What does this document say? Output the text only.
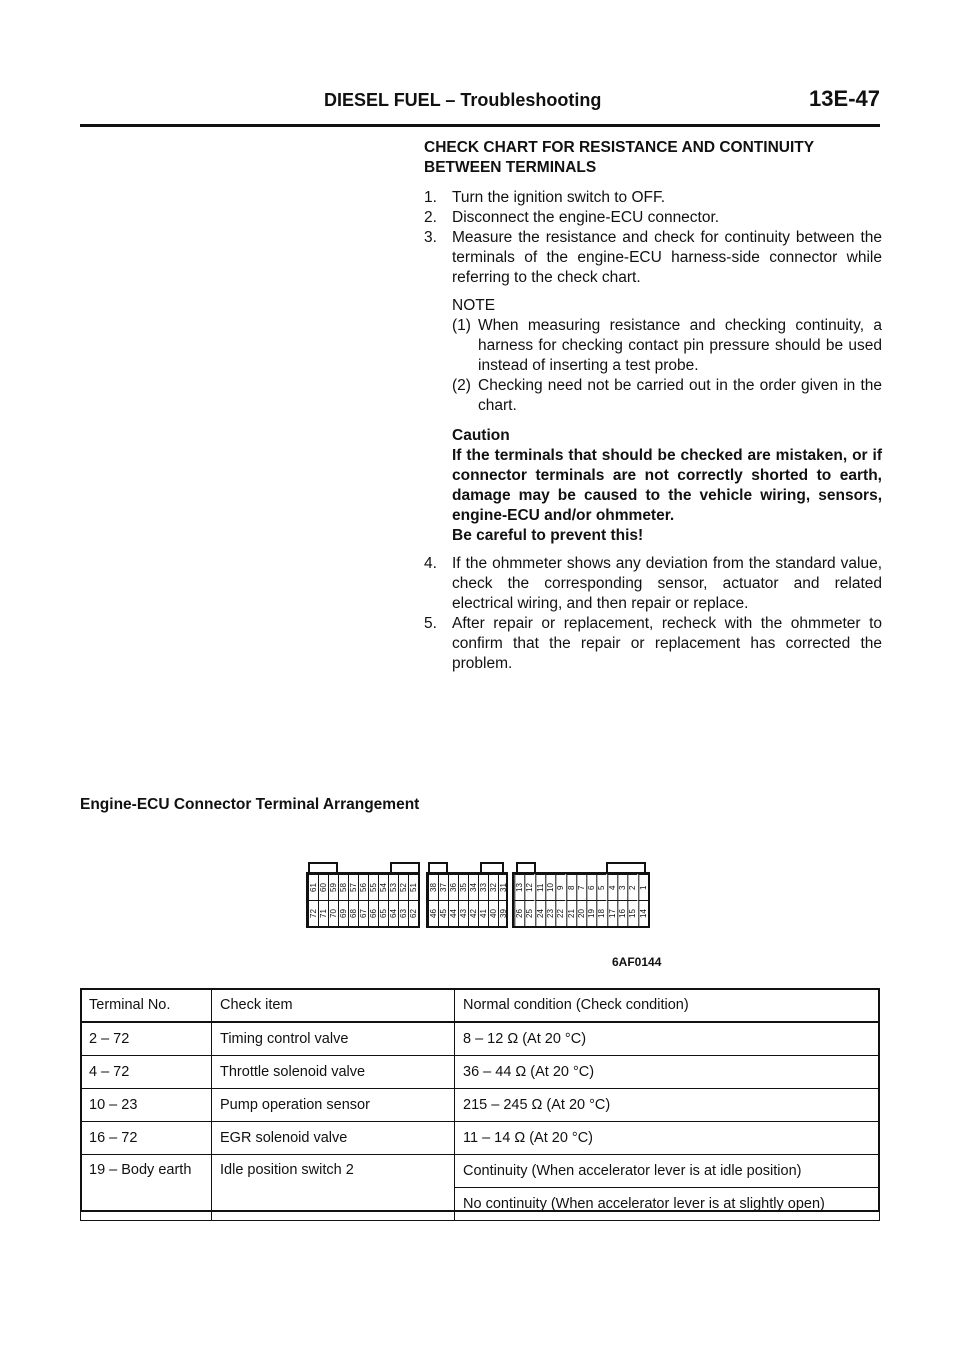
DIESEL FUEL – Troubleshooting	13E-47
CHECK CHART FOR RESISTANCE AND CONTINUITY BETWEEN TERMINALS
1. Turn the ignition switch to OFF.
2. Disconnect the engine-ECU connector.
3. Measure the resistance and check for continuity between the terminals of the engine-ECU harness-side connector while referring to the check chart.
NOTE
(1) When measuring resistance and checking continuity, a harness for checking contact pin pressure should be used instead of inserting a test probe.
(2) Checking need not be carried out in the order given in the chart.
Caution
If the terminals that should be checked are mistaken, or if connector terminals are not correctly shorted to earth, damage may be caused to the vehicle wiring, sensors, engine-ECU and/or ohmmeter.
Be careful to prevent this!
4. If the ohmmeter shows any deviation from the standard value, check the corresponding sensor, actuator and related electrical wiring, and then repair or replace.
5. After repair or replacement, recheck with the ohmmeter to confirm that the repair or replacement has corrected the problem.
Engine-ECU Connector Terminal Arrangement
61 60 59 58 57 56 55 54 53 52 51
72 71 70 69 68 67 66 65 64 63 62
38 37 36 35 34 33 32 31
46 45 44 43 42 41 40 39
13 12 11 10 9 8 7 6 5 4 3 2 1
26 25 24 23 22 21 20 19 18 17 16 15 14
6AF0144
Terminal No.	Check item	Normal condition (Check condition)
2 – 72	Timing control valve	8 – 12 Ω (At 20 °C)
4 – 72	Throttle solenoid valve	36 – 44 Ω (At 20 °C)
10 – 23	Pump operation sensor	215 – 245 Ω (At 20 °C)
16 – 72	EGR solenoid valve	11 – 14 Ω (At 20 °C)
19 – Body earth	Idle position switch 2	Continuity (When accelerator lever is at idle position)
		No continuity (When accelerator lever is at slightly open)
